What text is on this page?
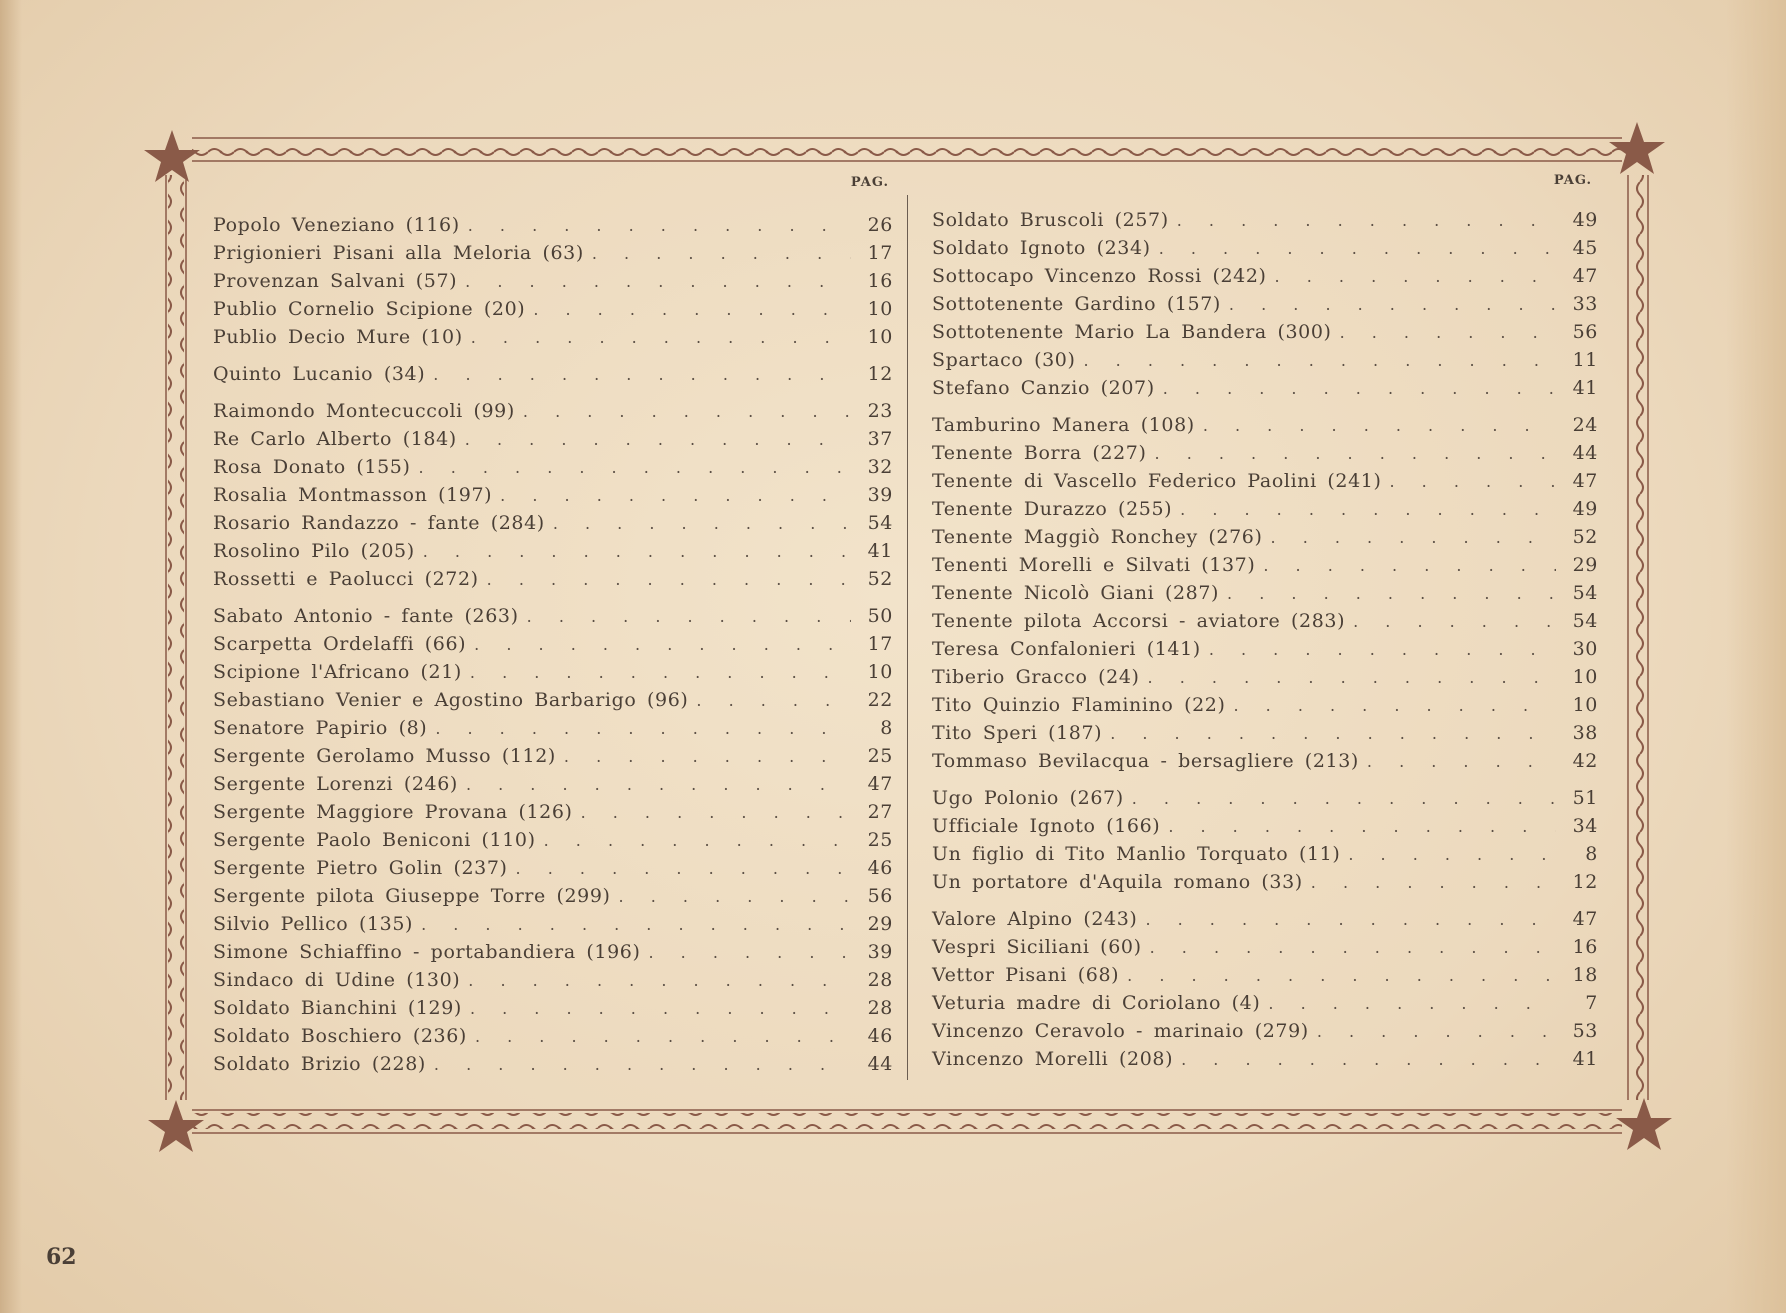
PAG.
Popolo Veneziano (116) . . .	26
Prigionieri Pisani alla Meloria (63) . . .	17
Provenzan Salvani (57) . . .	16
Publio Cornelio Scipione (20) . . .	10
Publio Decio Mure (10) . . .	10
Quinto Lucanio (34) . . .	12
Raimondo Montecuccoli (99) . . .	23
Re Carlo Alberto (184) . . .	37
Rosa Donato (155) . . .	32
Rosalia Montmasson (197) . . .	39
Rosario Randazzo - fante (284) . . .	54
Rosolino Pilo (205) . . .	41
Rossetti e Paolucci (272) . . .	52
Sabato Antonio - fante (263) . . .	50
Scarpetta Ordelaffi (66) . . .	17
Scipione l'Africano (21) . . .	10
Sebastiano Venier e Agostino Barbarigo (96) . . .	22
Senatore Papirio (8) . . .	8
Sergente Gerolamo Musso (112) . . .	25
Sergente Lorenzi (246) . . .	47
Sergente Maggiore Provana (126) . . .	27
Sergente Paolo Beniconi (110) . . .	25
Sergente Pietro Golin (237) . . .	46
Sergente pilota Giuseppe Torre (299) . . .	56
Silvio Pellico (135) . . .	29
Simone Schiaffino - portabandiera (196) . . .	39
Sindaco di Udine (130) . . .	28
Soldato Bianchini (129) . . .	28
Soldato Boschiero (236) . . .	46
Soldato Brizio (228) . . .	44
PAG.
Soldato Bruscoli (257) . . .	49
Soldato Ignoto (234) . . .	45
Sottocapo Vincenzo Rossi (242) . . .	47
Sottotenente Gardino (157) . . .	33
Sottotenente Mario La Bandera (300) . . .	56
Spartaco (30) . . .	11
Stefano Canzio (207) . . .	41
Tamburino Manera (108) . . .	24
Tenente Borra (227) . . .	44
Tenente di Vascello Federico Paolini (241) . . .	47
Tenente Durazzo (255) . . .	49
Tenente Maggiò Ronchey (276) . . .	52
Tenenti Morelli e Silvati (137) . . .	29
Tenente Nicolò Giani (287) . . .	54
Tenente pilota Accorsi - aviatore (283) . . .	54
Teresa Confalonieri (141) . . .	30
Tiberio Gracco (24) . . .	10
Tito Quinzio Flaminino (22) . . .	10
Tito Speri (187) . . .	38
Tommaso Bevilacqua - bersagliere (213) . . .	42
Ugo Polonio (267) . . .	51
Ufficiale Ignoto (166) . . .	34
Un figlio di Tito Manlio Torquato (11) . . .	8
Un portatore d'Aquila romano (33) . . .	12
Valore Alpino (243) . . .	47
Vespri Siciliani (60) . . .	16
Vettor Pisani (68) . . .	18
Veturia madre di Coriolano (4) . . .	7
Vincenzo Ceravolo - marinaio (279) . . .	53
Vincenzo Morelli (208) . . .	41
62
